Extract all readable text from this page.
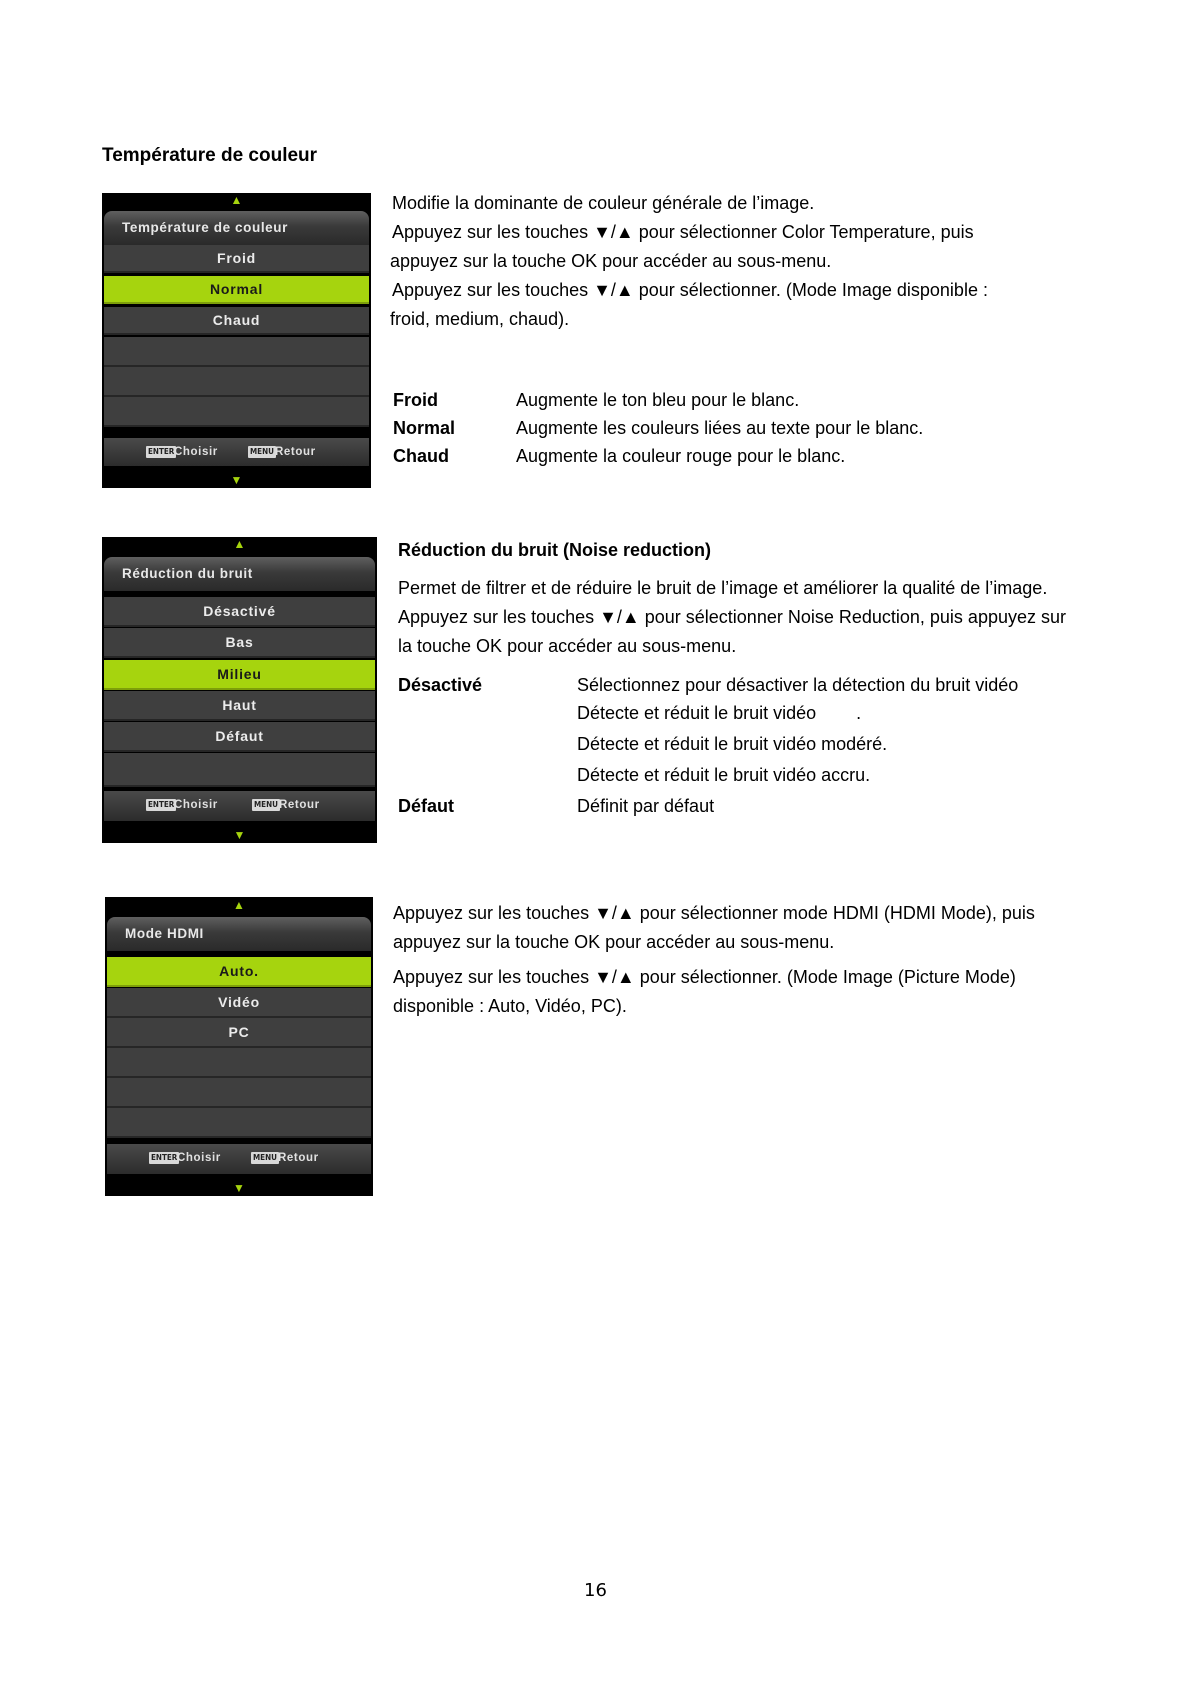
Température de couleur
▲
Température de couleur
Froid
Normal
Chaud
ENTER Choisir	MENU Retour
▼
Modifie la dominante de couleur générale de l’image.
Appuyez sur les touches ▼/▲ pour sélectionner Color Temperature, puis
appuyez sur la touche OK pour accéder au sous-menu.
Appuyez sur les touches ▼/▲ pour sélectionner. (Mode Image disponible :
froid, medium, chaud).
Froid	Augmente le ton bleu pour le blanc.
Normal	Augmente les couleurs liées au texte pour le blanc.
Chaud	Augmente la couleur rouge pour le blanc.
▲
Réduction du bruit
Désactivé
Bas
Milieu
Haut
Défaut
ENTER Choisir	MENU Retour
▼
Réduction du bruit (Noise reduction)
Permet de filtrer et de réduire le bruit de l’image et améliorer la qualité de l’image.
Appuyez sur les touches ▼/▲ pour sélectionner Noise Reduction, puis appuyez sur
la touche OK pour accéder au sous-menu.
Désactivé	Sélectionnez pour désactiver la détection du bruit vidéo
Détecte et réduit le bruit vidéo        .
Détecte et réduit le bruit vidéo modéré.
Détecte et réduit le bruit vidéo accru.
Défaut	Définit par défaut
▲
Mode HDMI
Auto.
Vidéo
PC
ENTER Choisir	MENU Retour
▼
Appuyez sur les touches ▼/▲ pour sélectionner mode HDMI (HDMI Mode), puis
appuyez sur la touche OK pour accéder au sous-menu.
Appuyez sur les touches ▼/▲ pour sélectionner. (Mode Image (Picture Mode)
disponible : Auto, Vidéo, PC).
16
